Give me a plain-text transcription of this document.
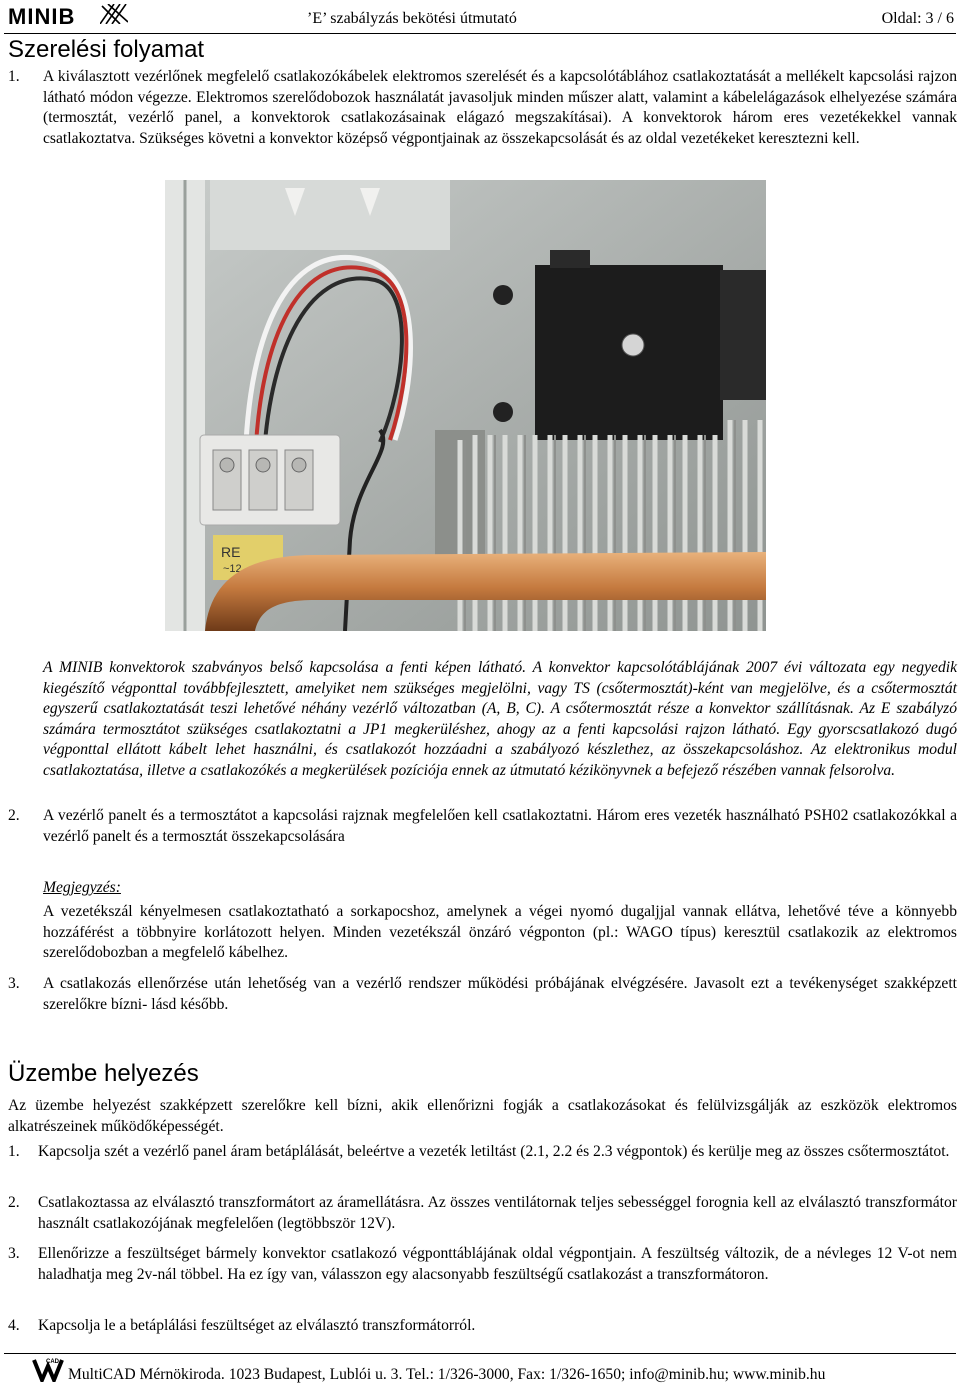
MINIB	’E’ szabályzás bekötési útmutató	Oldal: 3 / 6
Szerelési folyamat
1. A kiválasztott vezérlőnek megfelelő csatlakozókábelek elektromos szerelését és a kapcsolótáblához csatlakoztatását a mellékelt kapcsolási rajzon látható módon végezze. Elektromos szerelődobozok használatát javasoljuk minden műszer alatt, valamint a kábelelágazások elhelyezése számára (termosztát, vezérlő panel, a konvektorok csatlakozásainak elágazó megszakításai). A konvektorok három eres vezetékekkel vannak csatlakoztatva. Szükséges követni a konvektor középső végpontjainak az összekapcsolását és az oldal vezetékeket keresztezni kell.

RE
~12

A MINIB konvektorok szabványos belső kapcsolása a fenti képen látható. A konvektor kapcsolótáblájának 2007 évi változata egy negyedik kiegészítő végponttal továbbfejlesztett, amelyiket nem szükséges megjelölni, vagy TS (csőtermosztát)-ként van megjelölve, és a csőtermosztát egyszerű csatlakoztatását teszi lehetővé néhány vezérlő változatban (A, B, C). A csőtermosztát része a konvektor szállításnak. Az E szabályzó számára termosztátot szükséges csatlakoztatni a JP1 megkerüléshez, ahogy az a fenti kapcsolási rajzon látható. Egy gyorscsatlakozó dugó végponttal ellátott kábelt lehet használni, és csatlakozót hozzáadni a szabályozó készlethez, az összekapcsoláshoz. Az elektronikus modul csatlakoztatása, illetve a csatlakozókés a megkerülések pozíciója ennek az útmutató kézikönyvnek a befejező részében vannak felsorolva.

2. A vezérlő panelt és a termosztátot a kapcsolási rajznak megfelelően kell csatlakoztatni. Három eres vezeték használható PSH02 csatlakozókkal a vezérlő panelt és a termosztát összekapcsolására

Megjegyzés:

A vezetékszál kényelmesen csatlakoztatható a sorkapocshoz, amelynek a végei nyomó dugaljjal vannak ellátva, lehetővé téve a könnyebb hozzáférést a többnyire korlátozott helyen. Minden vezetékszál önzáró végponton (pl.: WAGO típus) keresztül csatlakozik az elektromos szerelődobozban a megfelelő kábelhez.

3. A csatlakozás ellenőrzése után lehetőség van a vezérlő rendszer működési próbájának elvégzésére. Javasolt ezt a tevékenységet szakképzett szerelőkre bízni- lásd később.

Üzembe helyezés

Az üzembe helyezést szakképzett szerelőkre kell bízni, akik ellenőrizni fogják a csatlakozásokat és felülvizsgálják az eszközök elektromos alkatrészeinek működőképességét.

1. Kapcsolja szét a vezérlő panel áram betáplálását, beleértve a vezeték letiltást (2.1, 2.2 és 2.3 végpontok) és kerülje meg az összes csőtermosztátot.

2. Csatlakoztassa az elválasztó transzformátort az áramellátásra. Az összes ventilátornak teljes sebességgel forognia kell az elválasztó transzformátor használt csatlakozójának megfelelően (legtöbbször 12V).

3. Ellenőrizze a feszültséget bármely konvektor csatlakozó végponttáblájának oldal végpontjain. A feszültség változik, de a névleges 12 V-ot nem haladhatja meg 2v-nál többel. Ha ez így van, válasszon egy alacsonyabb feszültségű csatlakozást a transzformátoron.

4. Kapcsolja le a betáplálási feszültséget az elválasztó transzformátorról.

CAD
MultiCAD Mérnökiroda. 1023 Budapest, Lublói u. 3. Tel.: 1/326-3000, Fax: 1/326-1650; info@minib.hu; www.minib.hu
